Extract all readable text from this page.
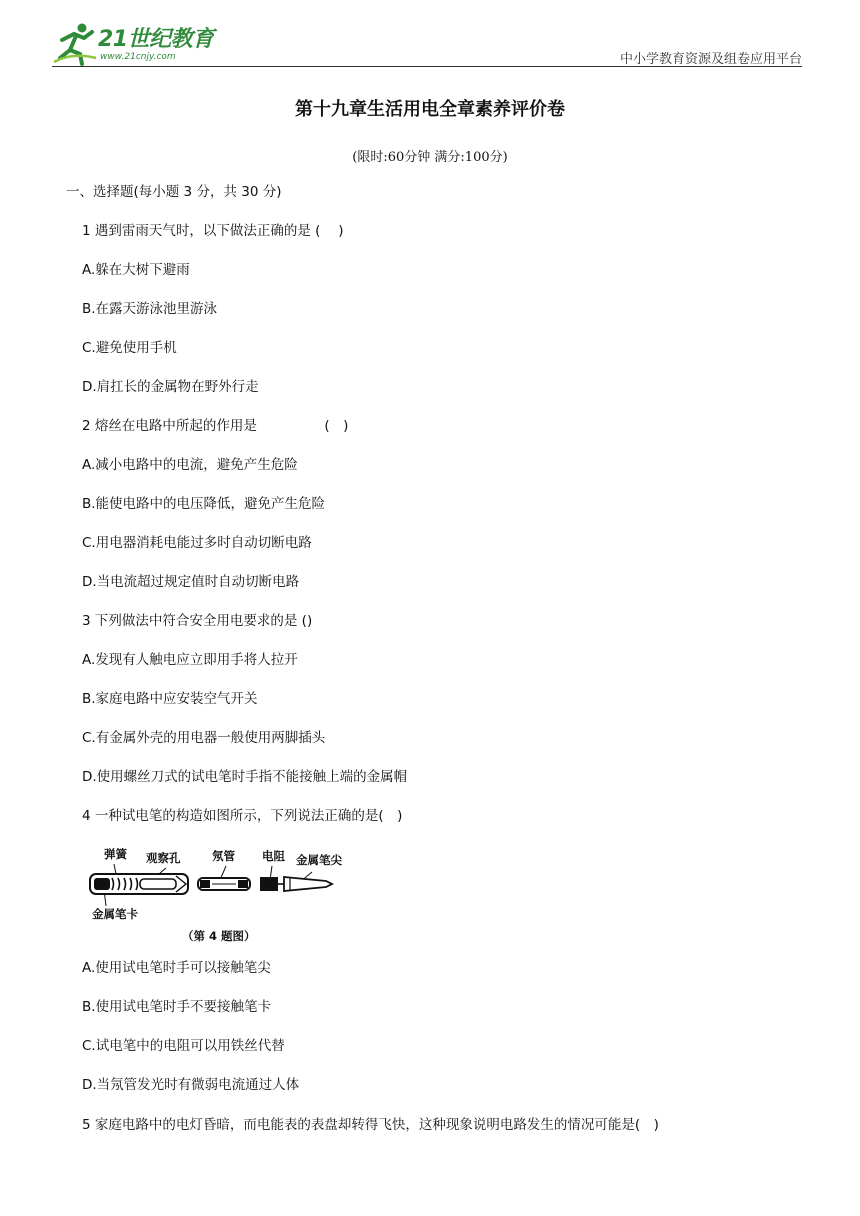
21世纪教育
www.21cnjy.com	中小学教育资源及组卷应用平台
第十九章生活用电全章素养评价卷
(限时:60分钟 满分:100分)
一、选择题(每小题 3 分，共 30 分)
1 遇到雷雨天气时，以下做法正确的是 (　 )
A.躲在大树下避雨
B.在露天游泳池里游泳
C.避免使用手机
D.肩扛长的金属物在野外行走
2 熔丝在电路中所起的作用是　　　　　(　)
A.减小电路中的电流，避免产生危险
B.能使电路中的电压降低，避免产生危险
C.用电器消耗电能过多时自动切断电路
D.当电流超过规定值时自动切断电路
3 下列做法中符合安全用电要求的是 ()
A.发现有人触电应立即用手将人拉开
B.家庭电路中应安装空气开关
C.有金属外壳的用电器一般使用两脚插头
D.使用螺丝刀式的试电笔时手指不能接触上端的金属帽
4 一种试电笔的构造如图所示，下列说法正确的是(　)
弹簧 观察孔	氖管 电阻 金属笔尖
金属笔卡
（第 4 题图）
A.使用试电笔时手可以接触笔尖
B.使用试电笔时手不要接触笔卡
C.试电笔中的电阻可以用铁丝代替
D.当氖管发光时有微弱电流通过人体
5 家庭电路中的电灯昏暗，而电能表的表盘却转得飞快，这种现象说明电路发生的情况可能是(　)
